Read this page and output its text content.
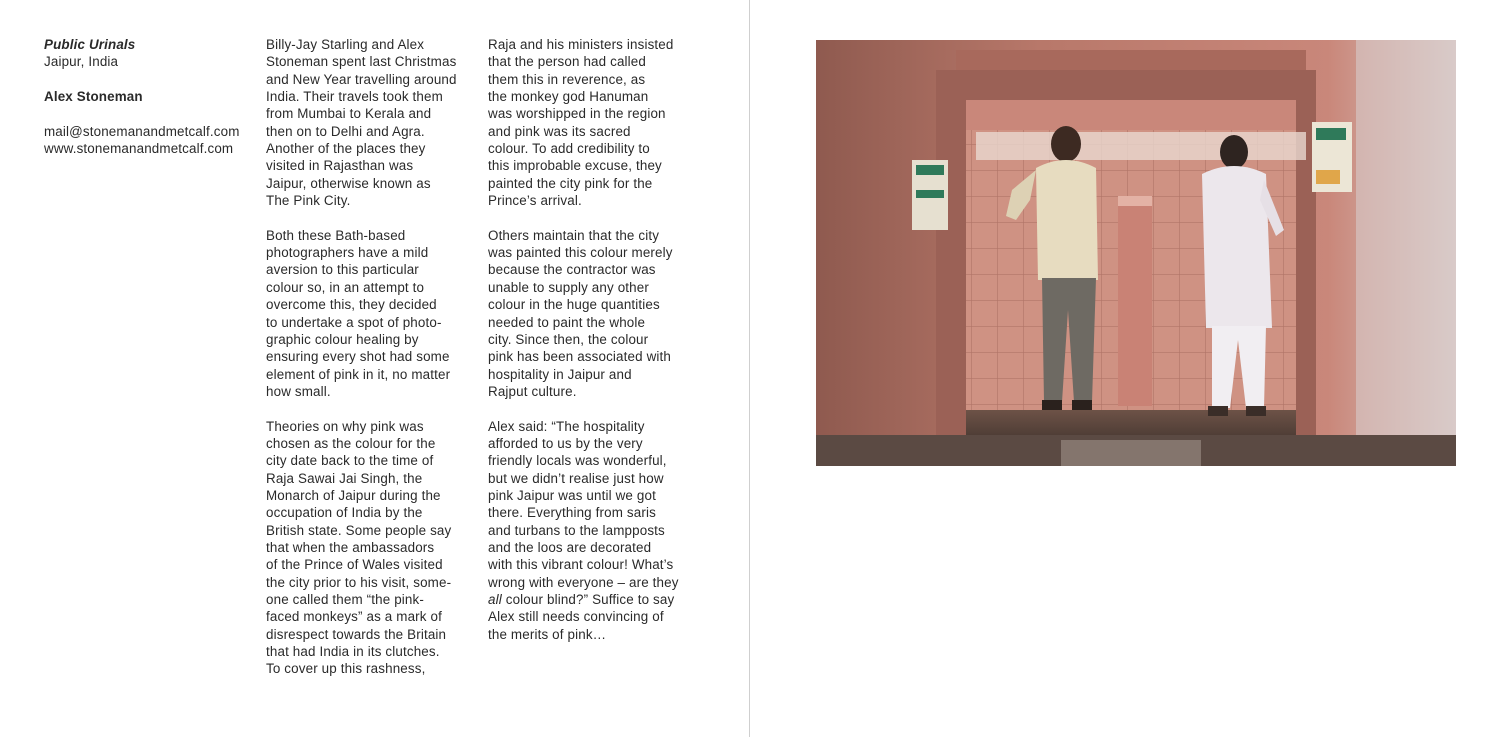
Public Urinals
Jaipur, India
Alex Stoneman
mail@stonemanandmetcalf.com
www.stonemanandmetcalf.com

Billy-Jay Starling and Alex
Stoneman spent last Christmas
and New Year travelling around
India. Their travels took them
from Mumbai to Kerala and
then on to Delhi and Agra.
Another of the places they
visited in Rajasthan was
Jaipur, otherwise known as
The Pink City.

Both these Bath-based
photographers have a mild
aversion to this particular
colour so, in an attempt to
overcome this, they decided
to undertake a spot of photo-
graphic colour healing by
ensuring every shot had some
element of pink in it, no matter
how small.

Theories on why pink was
chosen as the colour for the
city date back to the time of
Raja Sawai Jai Singh, the
Monarch of Jaipur during the
occupation of India by the
British state. Some people say
that when the ambassadors
of the Prince of Wales visited
the city prior to his visit, some-
one called them “the pink-
faced monkeys” as a mark of
disrespect towards the Britain
that had India in its clutches.
To cover up this rashness,

Raja and his ministers insisted
that the person had called
them this in reverence, as
the monkey god Hanuman
was worshipped in the region
and pink was its sacred
colour. To add credibility to
this improbable excuse, they
painted the city pink for the
Prince’s arrival.

Others maintain that the city
was painted this colour merely
because the contractor was
unable to supply any other
colour in the huge quantities
needed to paint the whole
city. Since then, the colour
pink has been associated with
hospitality in Jaipur and
Rajput culture.

Alex said: “The hospitality
afforded to us by the very
friendly locals was wonderful,
but we didn’t realise just how
pink Jaipur was until we got
there. Everything from saris
and turbans to the lampposts
and the loos are decorated
with this vibrant colour! What’s
wrong with everyone – are they
all colour blind?” Suffice to say
Alex still needs convincing of
the merits of pink…
